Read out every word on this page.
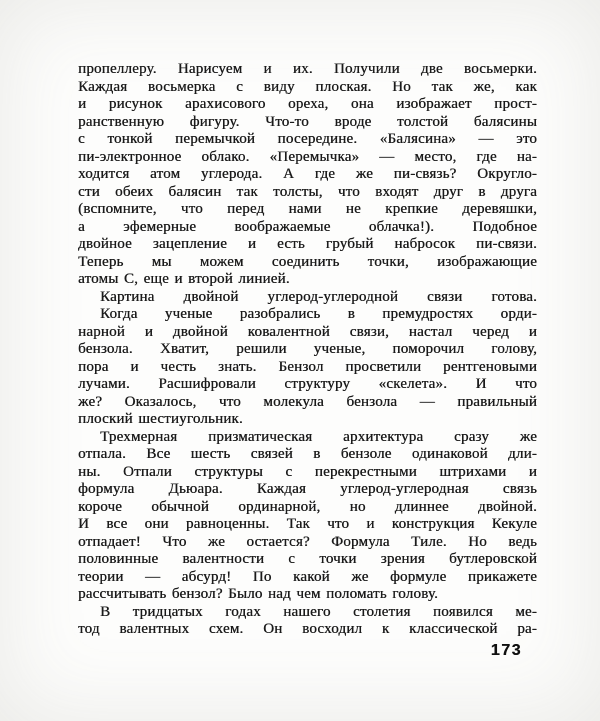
пропеллеру. Нарисуем и их. Получили две восьмерки.
Каждая восьмерка с виду плоская. Но так же, как
и рисунок арахисового ореха, она изображает прост-
ранственную фигуру. Что-то вроде толстой балясины
с тонкой перемычкой посередине. «Балясина» — это
пи-электронное облако. «Перемычка» — место, где на-
ходится атом углерода. А где же пи-связь? Округло-
сти обеих балясин так толсты, что входят друг в друга
(вспомните, что перед нами не крепкие деревяшки,
а эфемерные воображаемые облачка!). Подобное
двойное зацепление и есть грубый набросок пи-связи.
Теперь мы можем соединить точки, изображающие
атомы С, еще и второй линией.
Картина двойной углерод-углеродной связи готова.
Когда ученые разобрались в премудростях орди-
нарной и двойной ковалентной связи, настал черед и
бензола. Хватит, решили ученые, поморочил голову,
пора и честь знать. Бензол просветили рентгеновыми
лучами. Расшифровали структуру «скелета». И что
же? Оказалось, что молекула бензола — правильный
плоский шестиугольник.
Трехмерная призматическая архитектура сразу же
отпала. Все шесть связей в бензоле одинаковой дли-
ны. Отпали структуры с перекрестными штрихами и
формула Дьюара. Каждая углерод-углеродная связь
короче обычной ординарной, но длиннее двойной.
И все они равноценны. Так что и конструкция Кекуле
отпадает! Что же остается? Формула Тиле. Но ведь
половинные валентности с точки зрения бутлеровской
теории — абсурд! По какой же формуле прикажете
рассчитывать бензол? Было над чем поломать голову.
В тридцатых годах нашего столетия появился ме-
тод валентных схем. Он восходил к классической ра-
173
